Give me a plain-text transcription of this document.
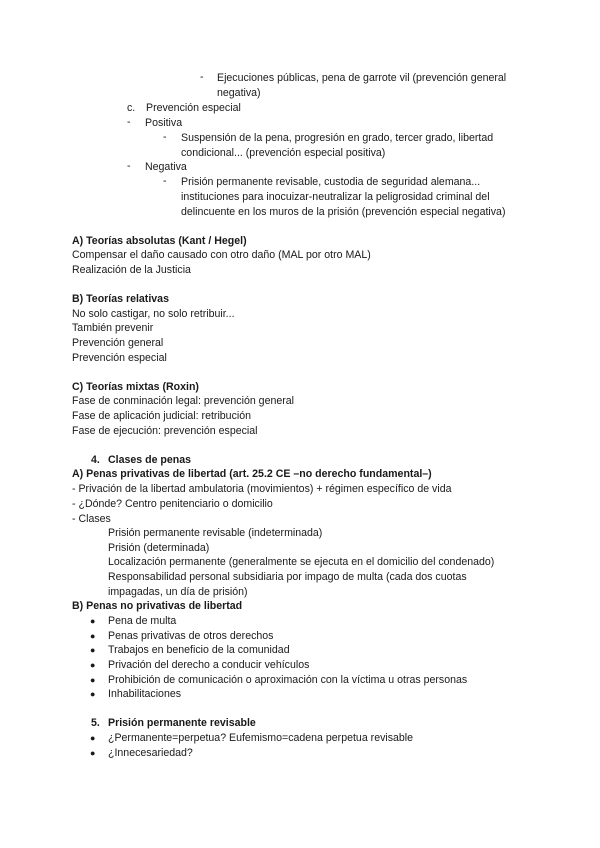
-	Ejecuciones públicas, pena de garrote vil (prevención general
negativa)
c. Prevención especial
-	Positiva
-	Suspensión de la pena, progresión en grado, tercer grado, libertad
condicional... (prevención especial positiva)
-	Negativa
-	Prisión permanente revisable, custodia de seguridad alemana...
instituciones para inocuizar-neutralizar la peligrosidad criminal del
delincuente en los muros de la prisión (prevención especial negativa)
A) Teorías absolutas (Kant / Hegel)
Compensar el daño causado con otro daño (MAL por otro MAL)
Realización de la Justicia
B) Teorías relativas
No solo castigar, no solo retribuir...
También prevenir
Prevención general
Prevención especial
C) Teorías mixtas (Roxin)
Fase de conminación legal: prevención general
Fase de aplicación judicial: retribución
Fase de ejecución: prevención especial
4. Clases de penas
A) Penas privativas de libertad (art. 25.2 CE –no derecho fundamental–)
- Privación de la libertad ambulatoria (movimientos) + régimen específico de vida
- ¿Dónde? Centro penitenciario o domicilio
- Clases
Prisión permanente revisable (indeterminada)
Prisión (determinada)
Localización permanente (generalmente se ejecuta en el domicilio del condenado)
Responsabilidad personal subsidiaria por impago de multa (cada dos cuotas
impagadas, un día de prisión)
B) Penas no privativas de libertad
● Pena de multa
● Penas privativas de otros derechos
● Trabajos en beneficio de la comunidad
● Privación del derecho a conducir vehículos
● Prohibición de comunicación o aproximación con la víctima u otras personas
● Inhabilitaciones
5. Prisión permanente revisable
● ¿Permanente=perpetua? Eufemismo=cadena perpetua revisable
● ¿Innecesariedad?
